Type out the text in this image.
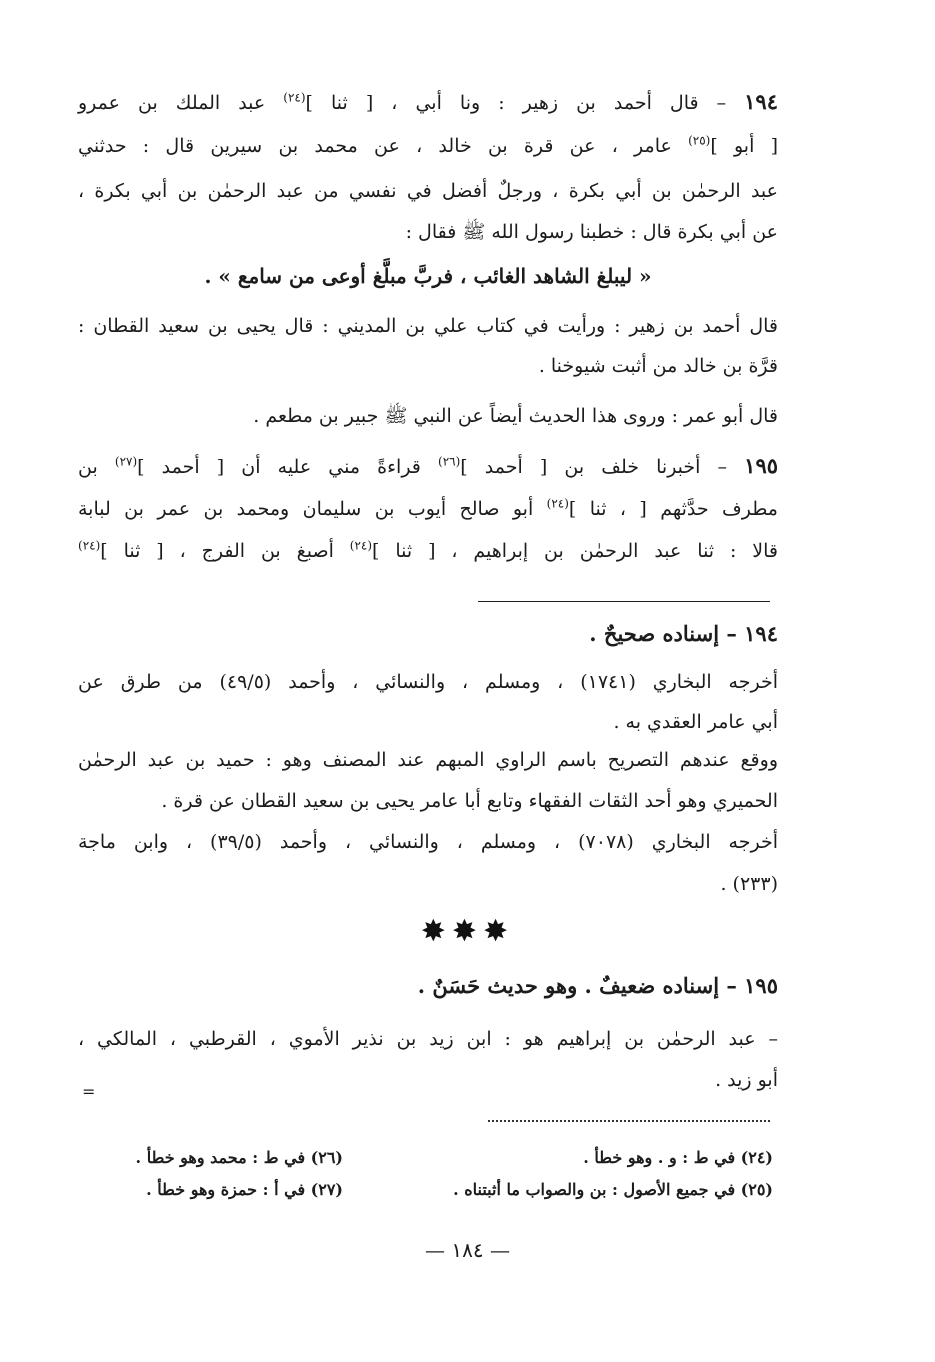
١٩٤ – قال أحمد بن زهير : ونا أبي ، [ ثنا ]$^{(٢٤)}$ عبد الملك بن عمرو
[ أبو ]$^{(٢٥)}$ عامر ، عن قرة بن خالد ، عن محمد بن سيرين قال : حدثني
عبد الرحمٰن بن أبي بكرة ، ورجلٌ أفضل في نفسي من عبد الرحمٰن بن أبي بكرة ،
عن أبي بكرة قال : خطبنا رسول الله ﷺ فقال :
« ليبلغ الشاهد الغائب ، فربَّ مبلَّغ أوعى من سامع » .
قال أحمد بن زهير : ورأيت في كتاب علي بن المديني : قال يحيى بن سعيد القطان :
قرَّة بن خالد من أثبت شيوخنا .
قال أبو عمر : وروى هذا الحديث أيضاً عن النبي ﷺ جبير بن مطعم .
١٩٥ – أخبرنا خلف بن [ أحمد ]$^{(٢٦)}$ قراءةً مني عليه أن [ أحمد ]$^{(٢٧)}$ بن
مطرف حدَّثهم [ ، ثنا ]$^{(٢٤)}$ أبو صالح أيوب بن سليمان ومحمد بن عمر بن لبابة
قالا : ثنا عبد الرحمٰن بن إبراهيم ، [ ثنا ]$^{(٢٤)}$ أصبغ بن الفرج ، [ ثنا ]$^{(٢٤)}$
١٩٤ – إسناده صحيحٌ .
أخرجه البخاري (١٧٤١) ، ومسلم ، والنسائي ، وأحمد (٤٩/٥) من طرق عن
أبي عامر العقدي به .
ووقع عندهم التصريح باسم الراوي المبهم عند المصنف وهو : حميد بن عبد الرحمٰن
الحميري وهو أحد الثقات الفقهاء وتابع أبا عامر يحيى بن سعيد القطان عن قرة .
أخرجه البخاري (٧٠٧٨) ، ومسلم ، والنسائي ، وأحمد (٣٩/٥) ، وابن ماجة
(٢٣٣) .
✸✸✸
١٩٥ – إسناده ضعيفٌ . وهو حديث حَسَنٌ .
– عبد الرحمٰن بن إبراهيم هو : ابن زيد بن نذير الأموي ، القرطبي ، المالكي ،
أبو زيد .
=
(٢٤) في ط : و . وهو خطأ .
(٢٥) في جميع الأصول : بن والصواب ما أثبتناه .
(٢٦) في ط : محمد وهو خطأ .
(٢٧) في أ : حمزة وهو خطأ .
— ١٨٤ —
